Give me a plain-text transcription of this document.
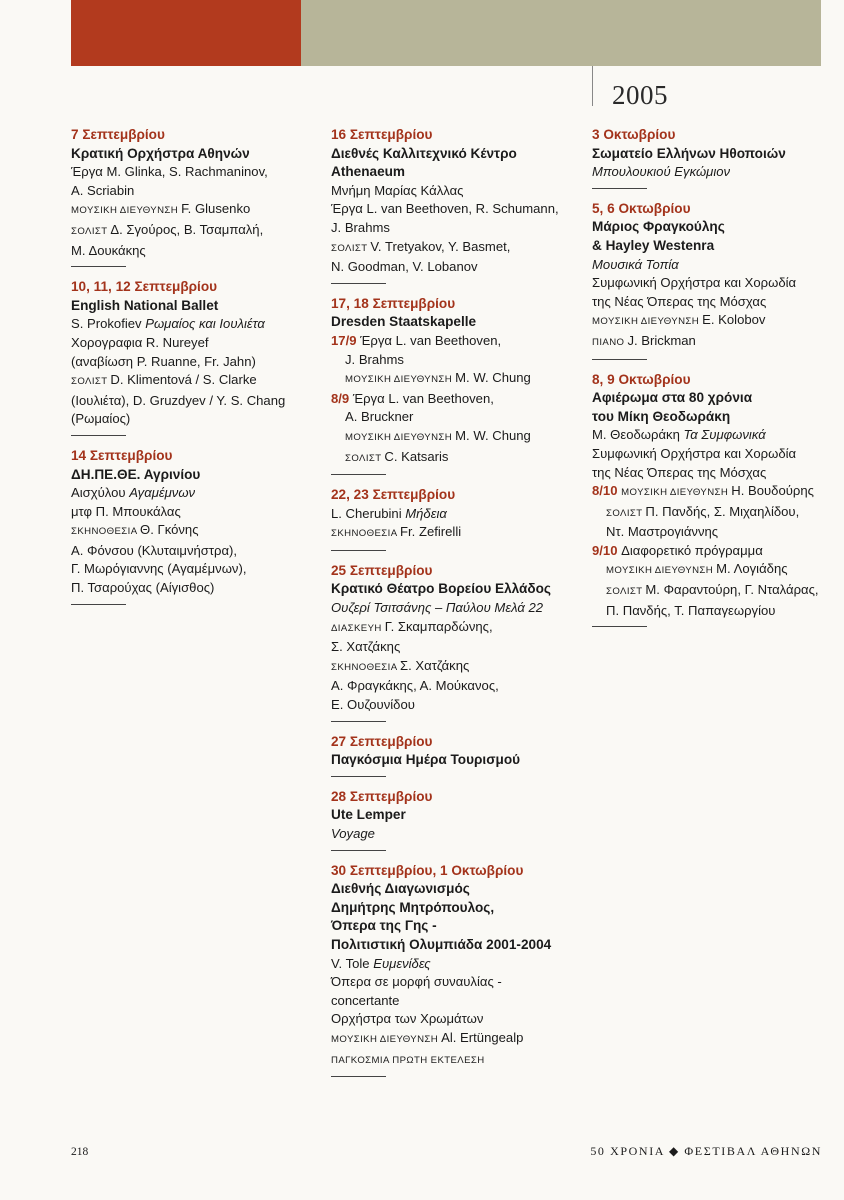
2005

7 Σεπτεμβρίου

Κρατική Ορχήστρα Αθηνών

Έργα M. Glinka, S. Rachmaninov,

A. Scriabin

ΜΟΥΣΙΚΗ ΔΙΕΥΘΥΝΣΗ F. Glusenko

ΣΟΛΙΣΤ Δ. Σγούρος, Β. Τσαμπαλή,

Μ. Δουκάκης

10, 11, 12 Σεπτεμβρίου

English National Ballet

S. Prokofiev Ρωμαίος και Ιουλιέτα

Χορογραφια R. Nureyef

(αναβίωση P. Ruanne, Fr. Jahn)

ΣΟΛΙΣΤ D. Klimentová / S. Clarke

(Ιουλιέτα), D. Gruzdyev / Y. S. Chang

(Ρωμαίος)

14 Σεπτεμβρίου

ΔΗ.ΠΕ.ΘΕ. Αγρινίου

Αισχύλου Αγαμέμνων

μτφ Π. Μπουκάλας

ΣΚΗΝΟΘΕΣΙΑ Θ. Γκόνης

Α. Φόνσου (Κλυταιμνήστρα),

Γ. Μωρόγιαννης (Αγαμέμνων),

Π. Τσαρούχας (Αίγισθος)

16 Σεπτεμβρίου

Διεθνές Καλλιτεχνικό Κέντρο

Athenaeum

Μνήμη Μαρίας Κάλλας

Έργα L. van Beethoven, R. Schumann,

J. Brahms

ΣΟΛΙΣΤ V. Tretyakov, Y. Basmet,

N. Goodman, V. Lobanov

17, 18 Σεπτεμβρίου

Dresden Staatskapelle

17/9 Έργα L. van Beethoven,

J. Brahms

ΜΟΥΣΙΚΗ ΔΙΕΥΘΥΝΣΗ M. W. Chung

8/9 Έργα L. van Beethoven,

A. Bruckner

ΜΟΥΣΙΚΗ ΔΙΕΥΘΥΝΣΗ M. W. Chung

ΣΟΛΙΣΤ C. Katsaris

22, 23 Σεπτεμβρίου

L. Cherubini Μήδεια

ΣΚΗΝΟΘΕΣΙΑ Fr. Zefirelli

25 Σεπτεμβρίου

Κρατικό Θέατρο Βορείου Ελλάδος

Ουζερί Τσιτσάνης – Παύλου Μελά 22

ΔΙΑΣΚΕΥΗ Γ. Σκαμπαρδώνης,

Σ. Χατζάκης

ΣΚΗΝΟΘΕΣΙΑ Σ. Χατζάκης

Α. Φραγκάκης, Α. Μούκανος,

Ε. Ουζουνίδου

27 Σεπτεμβρίου

Παγκόσμια Ημέρα Τουρισμού

28 Σεπτεμβρίου

Ute Lemper

Voyage

30 Σεπτεμβρίου, 1 Οκτωβρίου

Διεθνής Διαγωνισμός

Δημήτρης Μητρόπουλος,

Όπερα της Γης -

Πολιτιστική Ολυμπιάδα 2001-2004

V. Tole Ευμενίδες

Όπερα σε μορφή συναυλίας -

concertante

Ορχήστρα των Χρωμάτων

ΜΟΥΣΙΚΗ ΔΙΕΥΘΥΝΣΗ Al. Ertüngealp

ΠΑΓΚΟΣΜΙΑ ΠΡΩΤΗ ΕΚΤΕΛΕΣΗ

3 Οκτωβρίου

Σωματείο Ελλήνων Ηθοποιών

Μπουλουκιού Εγκώμιον

5, 6 Οκτωβρίου

Μάριος Φραγκούλης

& Hayley Westenra

Μουσικά Τοπία

Συμφωνική Ορχήστρα και Χορωδία

της Νέας Όπερας της Μόσχας

ΜΟΥΣΙΚΗ ΔΙΕΥΘΥΝΣΗ E. Kolobov

ΠΙΑΝΟ J. Brickman

8, 9 Οκτωβρίου

Αφιέρωμα στα 80 χρόνια

του Μίκη Θεοδωράκη

Μ. Θεοδωράκη Τα Συμφωνικά

Συμφωνική Ορχήστρα και Χορωδία

της Νέας Όπερας της Μόσχας

8/10 ΜΟΥΣΙΚΗ ΔΙΕΥΘΥΝΣΗ Η. Βουδούρης

ΣΟΛΙΣΤ Π. Πανδής, Σ. Μιχαηλίδου,

Ντ. Μαστρογιάννης

9/10 Διαφορετικό πρόγραμμα

ΜΟΥΣΙΚΗ ΔΙΕΥΘΥΝΣΗ Μ. Λογιάδης

ΣΟΛΙΣΤ Μ. Φαραντούρη, Γ. Νταλάρας,

Π. Πανδής, Τ. Παπαγεωργίου

218	50 ΧΡΟΝΙΑ ◆ ΦΕΣΤΙΒΑΛ ΑΘΗΝΩΝ
